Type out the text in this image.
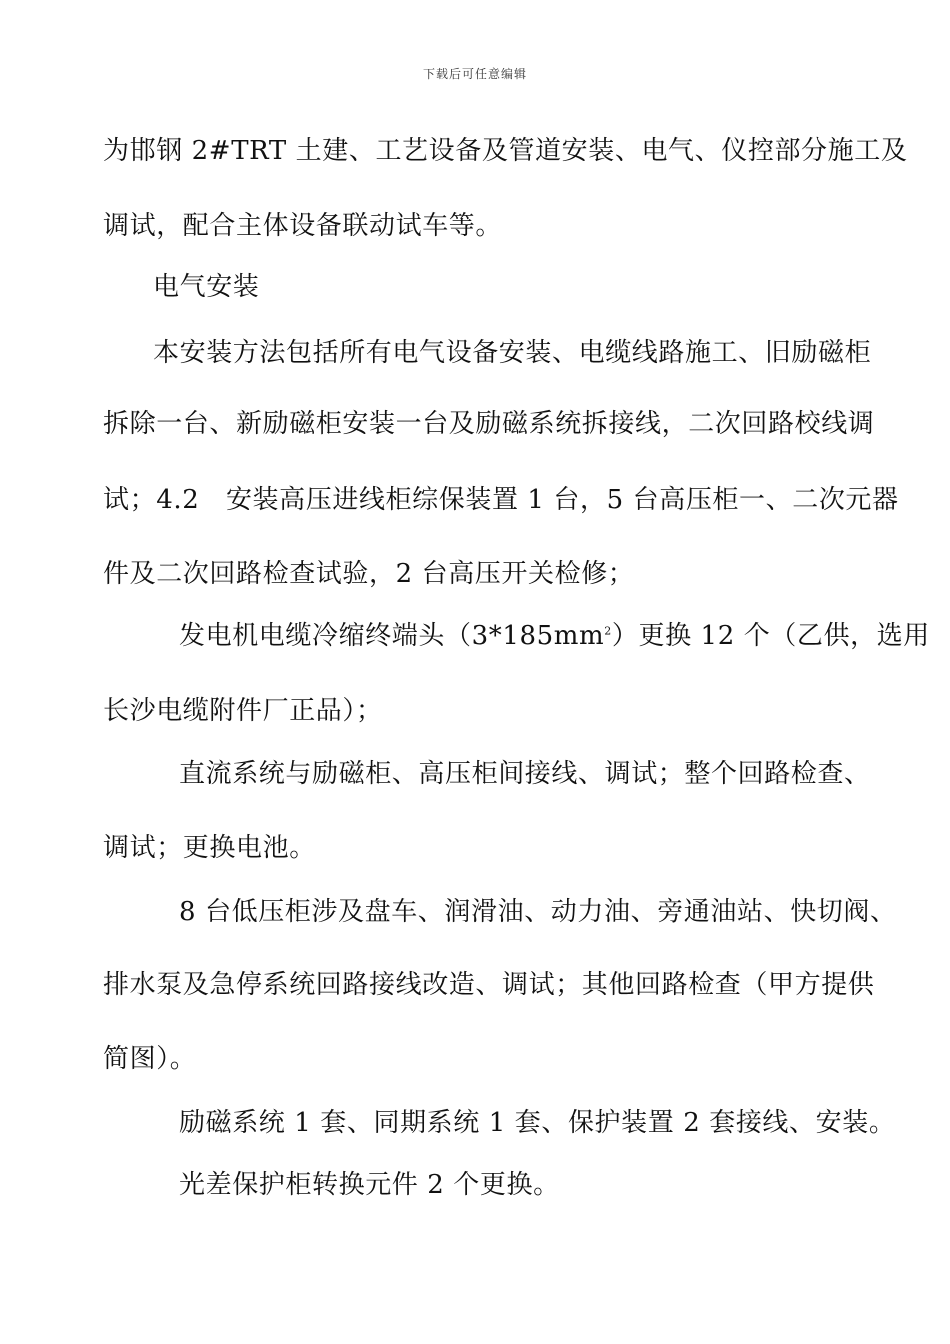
下载后可任意编辑
为邯钢 2#TRT 土建、工艺设备及管道安装、电气、仪控部分施工及
调试，配合主体设备联动试车等。
电气安装
本安装方法包括所有电气设备安装、电缆线路施工、旧励磁柜
拆除一台、新励磁柜安装一台及励磁系统拆接线，二次回路校线调
试；4.2　安装高压进线柜综保装置 1 台，5 台高压柜一、二次元器
件及二次回路检查试验，2 台高压开关检修；
发电机电缆冷缩终端头$(3*185mm^2)$更换 12 个（乙供，选用
长沙电缆附件厂正品）；
直流系统与励磁柜、高压柜间接线、调试；整个回路检查、
调试；更换电池。
8 台低压柜涉及盘车、润滑油、动力油、旁通油站、快切阀、
排水泵及急停系统回路接线改造、调试；其他回路检查（甲方提供
简图）。
励磁系统 1 套、同期系统 1 套、保护装置 2 套接线、安装。
光差保护柜转换元件 2 个更换。
